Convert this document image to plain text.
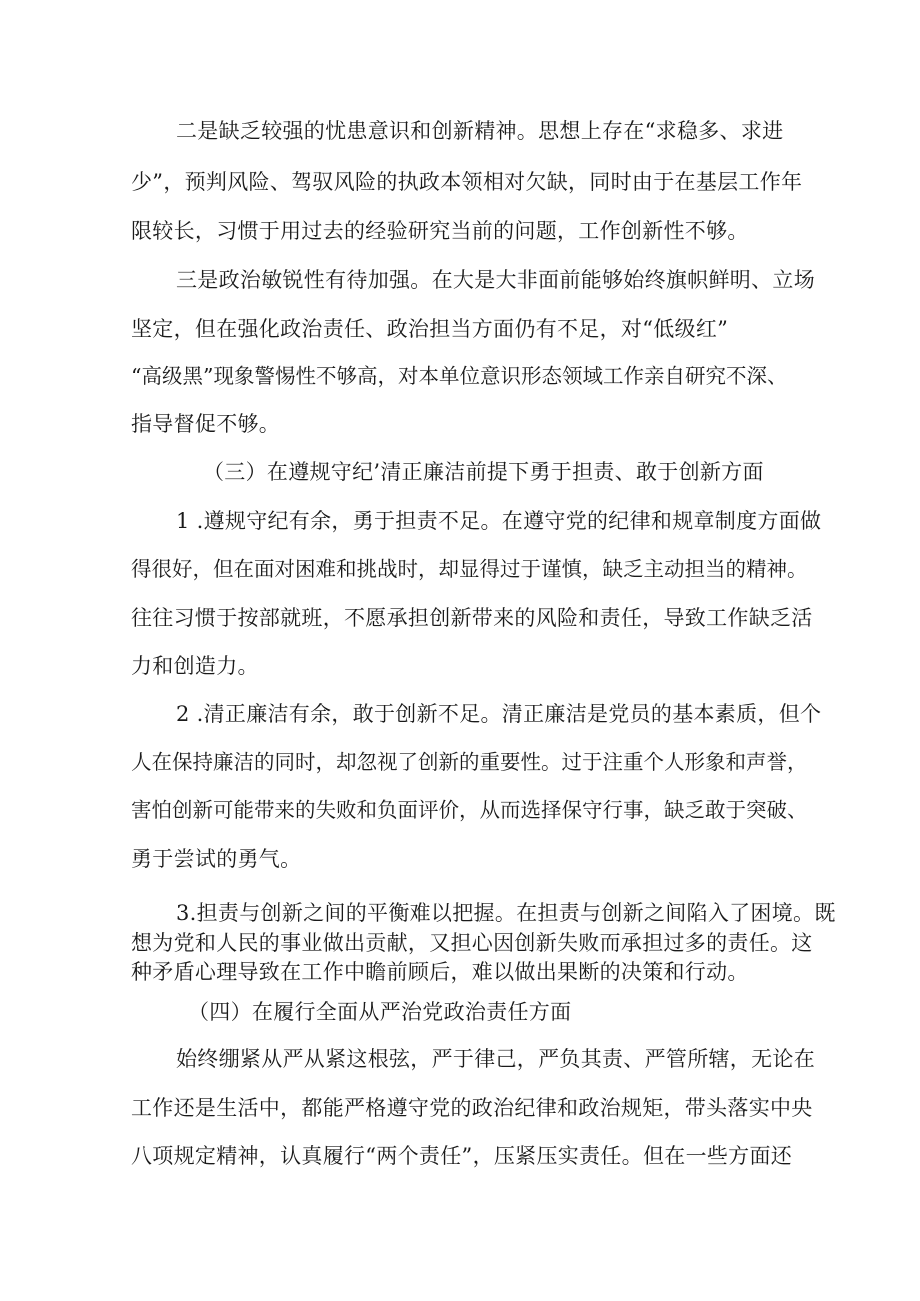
二是缺乏较强的忧患意识和创新精神。思想上存在“求稳多、求进
少”，预判风险、驾驭风险的执政本领相对欠缺，同时由于在基层工作年
限较长，习惯于用过去的经验研究当前的问题，工作创新性不够。
三是政治敏锐性有待加强。在大是大非面前能够始终旗帜鲜明、立场
坚定，但在强化政治责任、政治担当方面仍有不足，对“低级红”
“高级黑”现象警惕性不够高，对本单位意识形态领域工作亲自研究不深、
指导督促不够。
（三）在遵规守纪’清正廉洁前提下勇于担责、敢于创新方面
1 .遵规守纪有余，勇于担责不足。在遵守党的纪律和规章制度方面做
得很好，但在面对困难和挑战时，却显得过于谨慎，缺乏主动担当的精神。
往往习惯于按部就班，不愿承担创新带来的风险和责任，导致工作缺乏活
力和创造力。
2 .清正廉洁有余，敢于创新不足。清正廉洁是党员的基本素质，但个
人在保持廉洁的同时，却忽视了创新的重要性。过于注重个人形象和声誉，
害怕创新可能带来的失败和负面评价，从而选择保守行事，缺乏敢于突破、
勇于尝试的勇气。
3.担责与创新之间的平衡难以把握。在担责与创新之间陷入了困境。既
想为党和人民的事业做出贡献，又担心因创新失败而承担过多的责任。这
种矛盾心理导致在工作中瞻前顾后，难以做出果断的决策和行动。
（四）在履行全面从严治党政治责任方面
始终绷紧从严从紧这根弦，严于律己，严负其责、严管所辖，无论在
工作还是生活中，都能严格遵守党的政治纪律和政治规矩，带头落实中央
八项规定精神，认真履行“两个责任”，压紧压实责任。但在一些方面还
